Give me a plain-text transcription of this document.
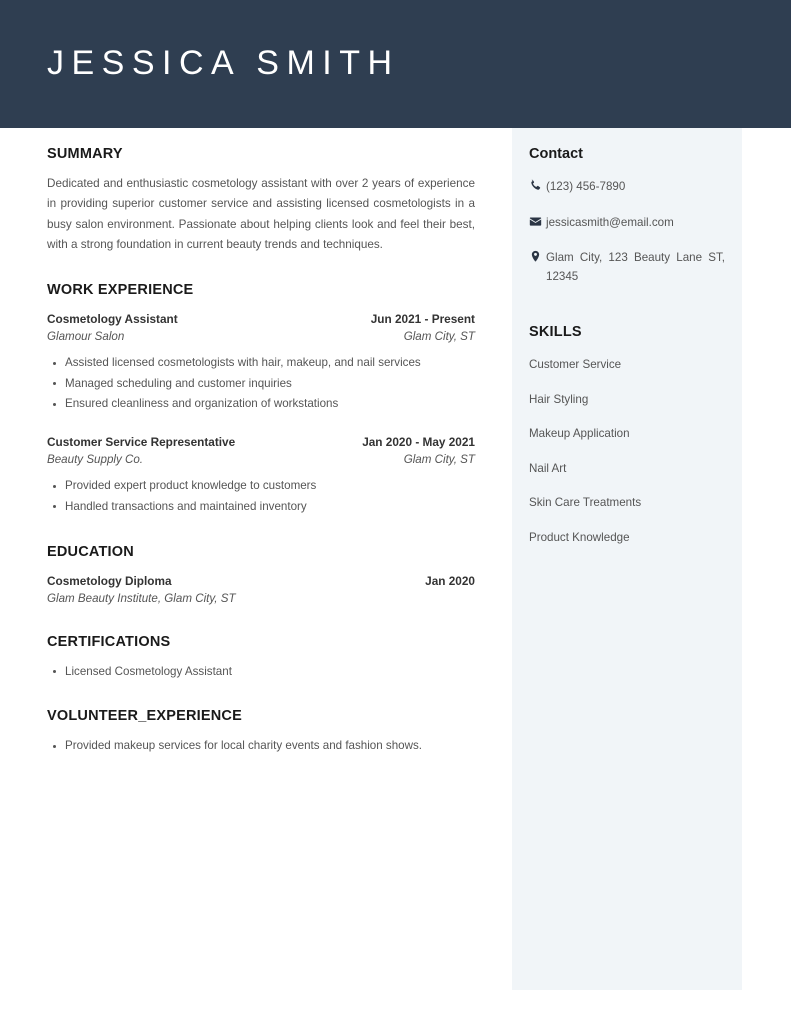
JESSICA SMITH
SUMMARY

Dedicated and enthusiastic cosmetology assistant with over 2 years of experience in providing superior customer service and assisting licensed cosmetologists in a busy salon environment. Passionate about helping clients look and feel their best, with a strong foundation in current beauty trends and techniques.

WORK EXPERIENCE
Cosmetology Assistant	Jun 2021 - Present
Glamour Salon	Glam City, ST
Assisted licensed cosmetologists with hair, makeup, and nail services
Managed scheduling and customer inquiries
Ensured cleanliness and organization of workstations
Customer Service Representative	Jan 2020 - May 2021
Beauty Supply Co.	Glam City, ST
Provided expert product knowledge to customers
Handled transactions and maintained inventory
EDUCATION
Cosmetology Diploma	Jan 2020
Glam Beauty Institute, Glam City, ST
CERTIFICATIONS
Licensed Cosmetology Assistant
VOLUNTEER_EXPERIENCE
Provided makeup services for local charity events and fashion shows.
Contact
(123) 456-7890
jessicasmith@email.com
Glam City, 123 Beauty Lane ST, 12345
SKILLS
Customer Service
Hair Styling
Makeup Application
Nail Art
Skin Care Treatments
Product Knowledge
